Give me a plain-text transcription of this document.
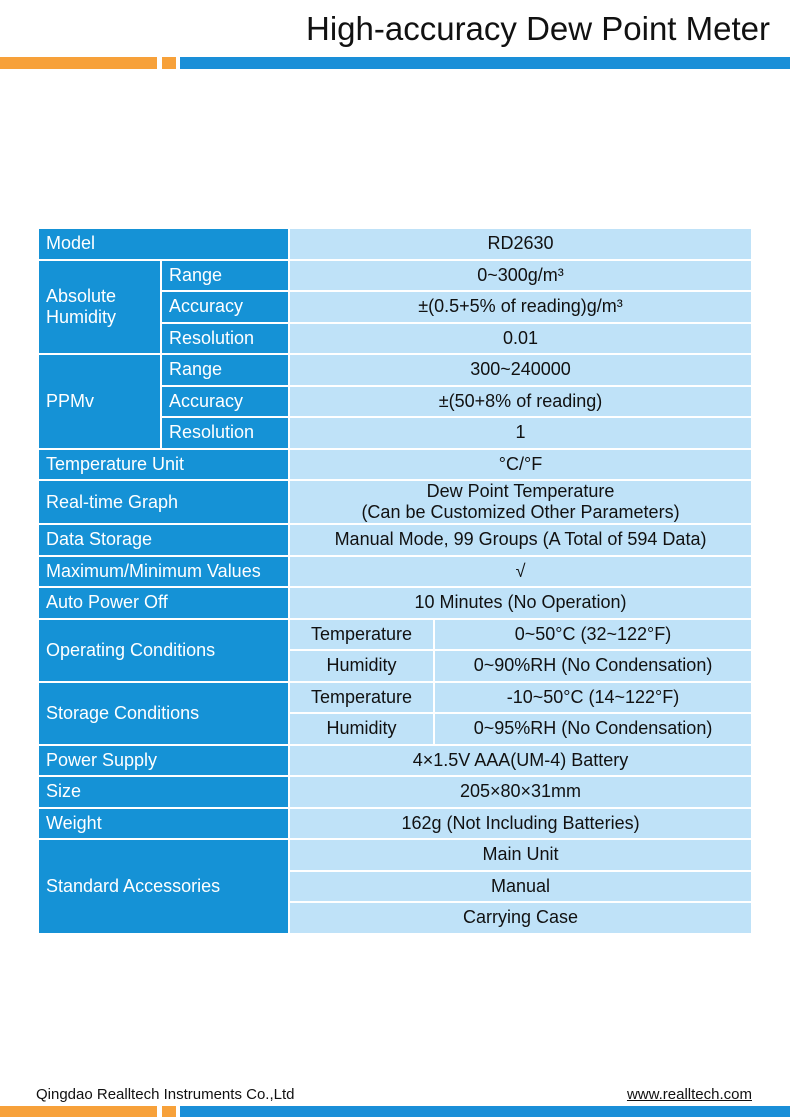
High-accuracy Dew Point Meter
Model		RD2630	
Absolute
Humidity	Range	0~300g/m³	
	Accuracy	±(0.5+5% of reading)g/m³	
	Resolution	0.01	
PPMv	Range	300~240000	
	Accuracy	±(50+8% of reading)	
	Resolution	1	
Temperature Unit		°C/°F	
Real-time Graph		Dew Point Temperature
(Can be Customized Other Parameters)	
Data Storage		Manual Mode, 99 Groups (A Total of 594 Data)	
Maximum/Minimum Values		√	
Auto Power Off		10 Minutes (No Operation)	
Operating Conditions		Temperature	0~50°C (32~122°F)
		Humidity	0~90%RH (No Condensation)
Storage Conditions		Temperature	-10~50°C (14~122°F)
		Humidity	0~95%RH (No Condensation)
Power Supply		4×1.5V AAA(UM-4) Battery	
Size		205×80×31mm	
Weight		162g (Not Including Batteries)	
Standard Accessories		Main Unit	
		Manual	
		Carrying Case	
Qingdao Realltech Instruments Co.,Ltd	www.realltech.com
